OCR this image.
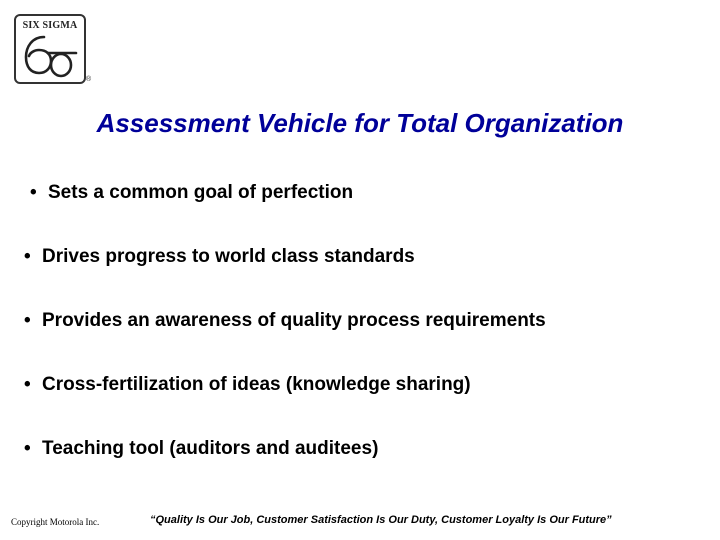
SIX SIGMA
®
Assessment Vehicle for Total Organization
• Sets a common goal of perfection
• Drives progress to world class standards
• Provides an awareness of quality process requirements
• Cross-fertilization of ideas (knowledge sharing)
• Teaching tool (auditors and auditees)
Copyright Motorola Inc.	“Quality Is Our Job, Customer Satisfaction Is Our Duty, Customer Loyalty Is Our Future”
